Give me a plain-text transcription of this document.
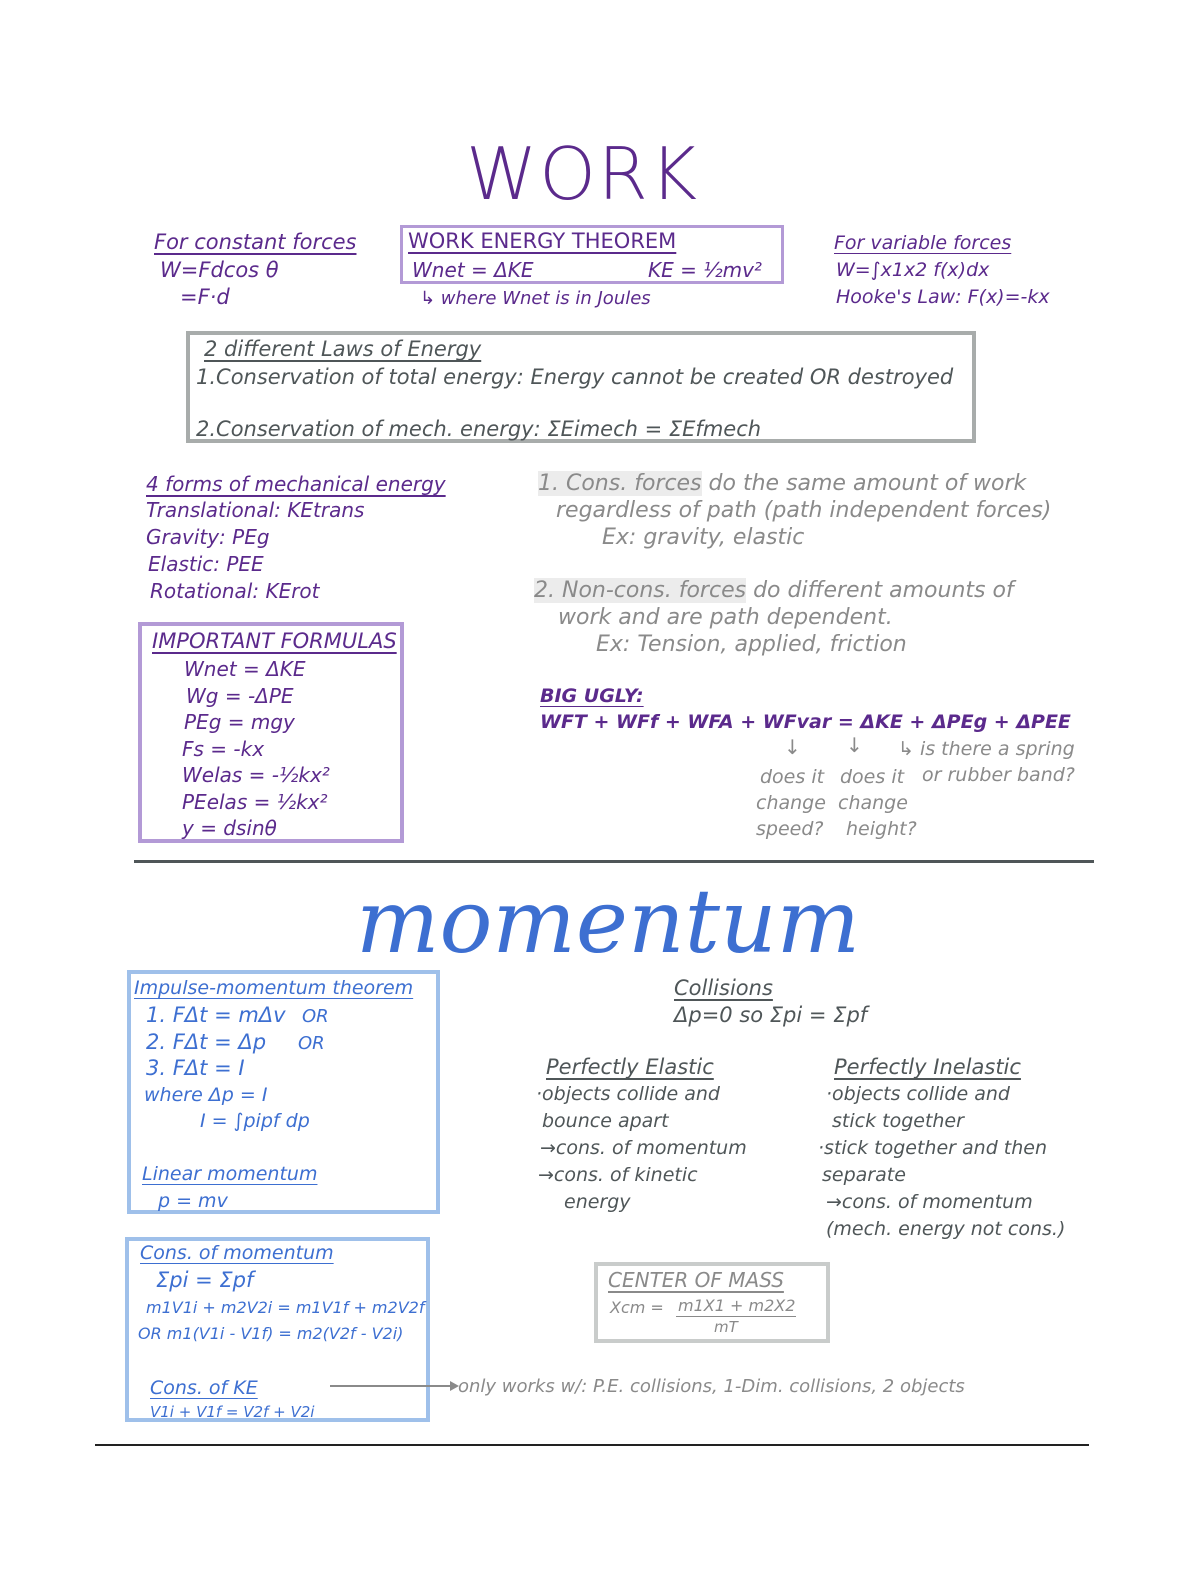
WORK
For constant forces
W=Fdcos θ
=F·d
WORK ENERGY THEOREM
Wnet = ΔKE	KE = ½mv²
↳ where Wnet is in Joules
For variable forces
W=∫x1x2 f(x)dx
Hooke's Law: F(x)=-kx
2 different Laws of Energy
1.Conservation of total energy: Energy cannot be created OR destroyed
2.Conservation of mech. energy: ΣEimech = ΣEfmech
4 forms of mechanical energy
Translational: KEtrans
Gravity: PEg
Elastic: PEE
Rotational: KErot
1. Cons. forces do the same amount of work
regardless of path (path independent forces)
Ex: gravity, elastic
2. Non-cons. forces do different amounts of
work and are path dependent.
Ex: Tension, applied, friction
IMPORTANT FORMULAS
Wnet = ΔKE
Wg = -ΔPE
PEg = mgy
Fs = -kx
Welas = -½kx²
PEelas = ½kx²
y = dsinθ
BIG UGLY:
WFT + WFf + WFA + WFvar = ΔKE + ΔPEg + ΔPEE
↓ ↓ ↳ is there a spring
or rubber band?
does it
change
speed?
does it
change
height?
momentum
Impulse-momentum theorem
1. FΔt = mΔv OR
2. FΔt = Δp OR
3. FΔt = I
where Δp = I
I = ∫pipf dp
Linear momentum
p = mv
Cons. of momentum
Σpi = Σpf
m1V1i + m2V2i = m1V1f + m2V2f
OR m1(V1i - V1f) = m2(V2f - V2i)
Cons. of KE
V1i + V1f = V2f + V2i
only works w/: P.E. collisions, 1-Dim. collisions, 2 objects
Collisions
Δp=0 so Σpi = Σpf
Perfectly Elastic
·objects collide and
bounce apart
→cons. of momentum
→cons. of kinetic
energy
Perfectly Inelastic
·objects collide and
stick together
·stick together and then
separate
→cons. of momentum
(mech. energy not cons.)
CENTER OF MASS
Xcm = m1X1 + m2X2
mT
